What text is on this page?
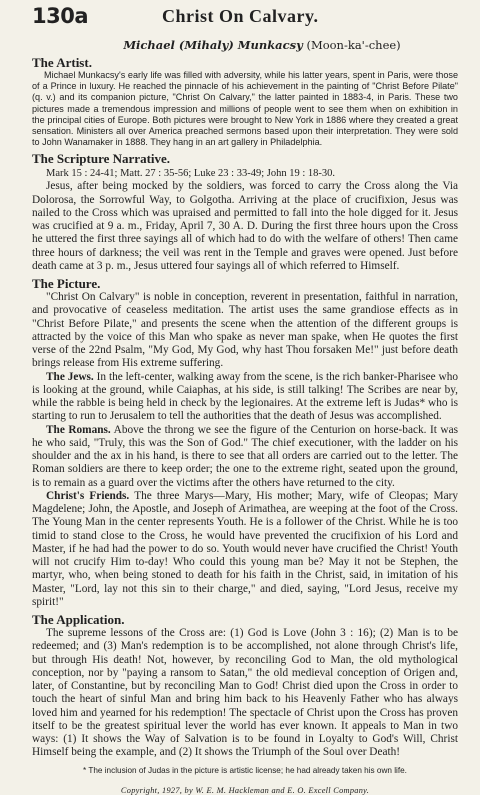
130a	Christ On Calvary.
Michael (Mihaly) Munkacsy (Moon-ka'-chee)
The Artist.

Michael Munkacsy's early life was filled with adversity, while his latter years, spent in Paris, were those of a Prince in luxury. He reached the pinnacle of his achievement in the painting of "Christ Before Pilate" (q. v.) and its companion picture, "Christ On Calvary," the latter painted in 1883-4, in Paris. These two pictures made a tremendous impression and millions of people went to see them when on exhibition in the principal cities of Europe. Both pictures were brought to New York in 1886 where they created a great sensation. Ministers all over America preached sermons based upon their interpretation. They were sold to John Wanamaker in 1888. They hang in an art gallery in Philadelphia.

The Scripture Narrative.

Mark 15 : 24-41; Matt. 27 : 35-56; Luke 23 : 33-49; John 19 : 18-30.

Jesus, after being mocked by the soldiers, was forced to carry the Cross along the Via Dolorosa, the Sorrowful Way, to Golgotha. Arriving at the place of crucifixion, Jesus was nailed to the Cross which was upraised and permitted to fall into the hole digged for it. Jesus was crucified at 9 a. m., Friday, April 7, 30 A. D. During the first three hours upon the Cross he uttered the first three sayings all of which had to do with the welfare of others! Then came three hours of darkness; the veil was rent in the Temple and graves were opened. Just before death came at 3 p. m., Jesus uttered four sayings all of which referred to Himself.

The Picture.

"Christ On Calvary" is noble in conception, reverent in presentation, faithful in narration, and provocative of ceaseless meditation. The artist uses the same grandiose effects as in "Christ Before Pilate," and presents the scene when the attention of the different groups is attracted by the voice of this Man who spake as never man spake, when He quotes the first verse of the 22nd Psalm, "My God, My God, why hast Thou forsaken Me!" just before death brings release from His extreme suffering.

The Jews. In the left-center, walking away from the scene, is the rich banker-Pharisee who is looking at the ground, while Caiaphas, at his side, is still talking! The Scribes are near by, while the rabble is being held in check by the legionaires. At the extreme left is Judas* who is starting to run to Jerusalem to tell the authorities that the death of Jesus was accomplished.

The Romans. Above the throng we see the figure of the Centurion on horse-back. It was he who said, "Truly, this was the Son of God." The chief executioner, with the ladder on his shoulder and the ax in his hand, is there to see that all orders are carried out to the letter. The Roman soldiers are there to keep order; the one to the extreme right, seated upon the ground, is to remain as a guard over the victims after the others have returned to the city.

Christ's Friends. The three Marys—Mary, His mother; Mary, wife of Cleopas; Mary Magdelene; John, the Apostle, and Joseph of Arimathea, are weeping at the foot of the Cross. The Young Man in the center represents Youth. He is a follower of the Christ. While he is too timid to stand close to the Cross, he would have prevented the crucifixion of his Lord and Master, if he had had the power to do so. Youth would never have crucified the Christ! Youth will not crucify Him to-day! Who could this young man be? May it not be Stephen, the martyr, who, when being stoned to death for his faith in the Christ, said, in imitation of his Master, "Lord, lay not this sin to their charge," and died, saying, "Lord Jesus, receive my spirit!"

The Application.

The supreme lessons of the Cross are: (1) God is Love (John 3 : 16); (2) Man is to be redeemed; and (3) Man's redemption is to be accomplished, not alone through Christ's life, but through His death! Not, however, by reconciling God to Man, the old mythological conception, nor by "paying a ransom to Satan," the old medieval conception of Origen and, later, of Constantine, but by reconciling Man to God! Christ died upon the Cross in order to touch the heart of sinful Man and bring him back to his Heavenly Father who has always loved him and yearned for his redemption! The spectacle of Christ upon the Cross has proven itself to be the greatest spiritual lever the world has ever known. It appeals to Man in two ways: (1) It shows the Way of Salvation is to be found in Loyalty to God's Will, Christ Himself being the example, and (2) It shows the Triumph of the Soul over Death!

* The inclusion of Judas in the picture is artistic license; he had already taken his own life.
Copyright, 1927, by W. E. M. Hackleman and E. O. Excell Company.
